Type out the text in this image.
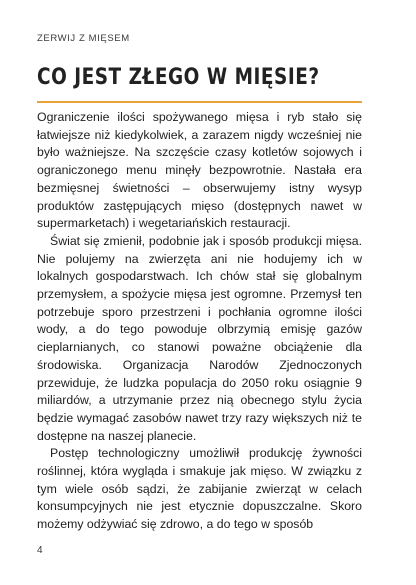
ZERWIJ Z MIĘSEM
CO JEST ZŁEGO W MIĘSIE?

Ograniczenie ilości spożywanego mięsa i ryb stało się łatwiejsze niż kiedykolwiek, a zarazem nigdy wcześniej nie było ważniejsze. Na szczęście czasy kotletów sojowych i ograniczonego menu minęły bezpowrotnie. Nastała era bezmięsnej świetności – obserwujemy istny wysyp produktów zastępujących mięso (dostępnych nawet w supermarketach) i wegetariańskich restauracji.

Świat się zmienił, podobnie jak i sposób produkcji mięsa. Nie polujemy na zwierzęta ani nie hodujemy ich w lokalnych gospodarstwach. Ich chów stał się globalnym przemysłem, a spożycie mięsa jest ogromne. Przemysł ten potrzebuje sporo przestrzeni i pochłania ogromne ilości wody, a do tego powoduje olbrzymią emisję gazów cieplarnianych, co stanowi poważne obciążenie dla środowiska. Organizacja Narodów Zjednoczonych przewiduje, że ludzka populacja do 2050 roku osiągnie 9 miliardów, a utrzymanie przez nią obecnego stylu życia będzie wymagać zasobów nawet trzy razy większych niż te dostępne na naszej planecie.

Postęp technologiczny umożliwił produkcję żywności roślinnej, która wygląda i smakuje jak mięso. W związku z tym wiele osób sądzi, że zabijanie zwierząt w celach konsumpcyjnych nie jest etycznie dopuszczalne. Skoro możemy odżywiać się zdrowo, a do tego w sposób

4
